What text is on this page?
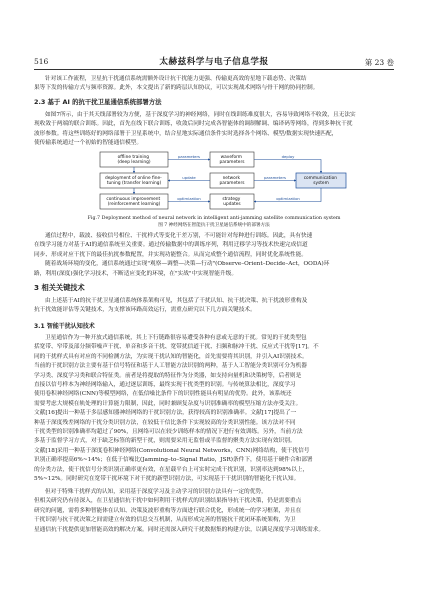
516	太赫兹科学与电子信息学报	第 23 卷
针对该工作流程，卫星抗干扰通信系统需额外设计抗干扰能力更强、传输更高效的星地下载态势、决策结
果等下发的传输方式与频率资源。此外，本文提出了新的跨层认知协议，可以实现战术网络与骨干网的协同控制。
2.3 基于 AI 的抗干扰卫星通信系统部署方法
如图7所示，由于其天线部署较为方便，基于深度学习的神经网络，同时在线训练难度很大，容易导致网络不收敛，且无法实
现收敛于两端的联合训练。因此，首先在线下联合训练，收敛后同时完成各智能体的调制解调、编译码等网络，得到多种抗干扰
波形参数。将这些训练好的网络部署于卫星系统中，结合星地实际通信条件实时选择各个网络、模型/数据实现快速匹配，
使传输系统通过一个初始的智能通信模型。
offline training (deep learning)
deployment of online fine- tuning (transfer learning)
continuous improvement (reinforcement learning)
waveform parameters
network parameters
strategy updates
communication system
parameters
update
optimization
parameters
deploy
optimization
Fig.7 Deployment method of neural network in intelligent anti-jamming satellite communication system
图 7 神经网络在智能抗干扰卫星通信系统中的部署方法
通信过程中，载波、接收信号相位、干扰样式等变化干差万别，不可能针对每种进行训练。因此，具有快速
在线学习能力对基于AI的通信系统至关重要。通过传输数据中的训练序列，利用迁移学习等技术快速完成信道
同步、形成对应干扰下的最佳抗扰参数配置，并实现功能整合。从而完成整个通信流程，同时优化系统性能。
随着战场环境的变化，通信系统通过实现"观察—调整—决策—行动"(Observe–Orient–Decide–Act，OODA)环
路，利用(深度)强化学习技术，不断适应变化的环境，在"实战"中实现智能升级。
3 相关关键技术
由上述基于AI的抗干扰卫星通信系统体系架构可见，其包括了干扰认知、抗干扰决策、抗干扰波形重构及
抗干扰效能评估等关键技术，为支撑该环路高效运行，需重点研究以下几方面关键技术。
3.1 智能干扰认知技术
卫星通信作为一种开放式通信系统，其上下行链路很容易遭受各种有意或无意的干扰。常见的干扰类型包
括宽带、窄带及部分频带噪声干扰、单音和多音干扰、宽带扰信道干扰、扫频和脉冲干扰、反应式干扰等[17]。不
同的干扰样式具有对应的不同检测方法，为实现干扰认知的智能化，首先需要将其识别，并引入AI识别技术。
当前的干扰识别方法主要有基于信号特征和基于人工智能方法识别的两种，基于人工智能分类识别可分为机器
学习类、深度学习类和联合特征类。前者是将提取的特征作为分类器，如支持向量机和决策树等，后者则是
直接以信号样本为神经网络输入，通过逐层训练，最终实现干扰类型的识别。与传统算法相比，深度学习
使用卷积神经网络(CNN)等模型网络，在低信噪比条件下的识别性能具有明显的优势。此外，该系统还
需要考虑大规模在轨处理的计算能力限制，因此，同时兼顾复杂度与识别准确率的模型压缩方法亦受关注。
文献[16]提出一种基于多层感知器神经网络的干扰识别方法，获得较高的识别准确率。文献[17]提出了一
种基于深度残差网络的干扰分类识别方法，在较低干信比条件下实现较高的分类识别性能。该方法对不同
干扰类型的识别准确率均超过了90%，且网络可以在较少训练样本的情况下进行有效训练。另外，当前方法
多基于监督学习方式，对于缺乏标签的新型干扰，则需要采用无监督或半监督的聚类方法实现有效识别。
文献[18]采用一种基于深度卷积神经网络(Convolutional Neural Networks，CNN)网络结构，使干扰信号
识别正确率提高6%~14%；在低于信噪比(Jamming–to–Signal Ratio，JSR)条件下，使用基于硬件合和部署
的分类方法，使干扰信号分类识别正确率更有效，在星载平台上可实时完成干扰识别，识别率达到98%以上，
5%~12%。同时研究在宽带干扰环境下对干扰的新型识别方法，可实现基于干扰识别的智能化干扰认知。
但对于特殊干扰样式的认知，采用基于深度学习及主动学习的识别方法具有一定的优势，
但相关研究仍有待深入，在卫星通信抗干扰中如何利用干扰样式的识别结果指导抗干扰决策，仍是需要重点
研究的问题，需将多种智能体在认知、决策及波形重构等方面进行联合优化，形成统一的学习框架，并且在
干扰识别与抗干扰决策之间需建立有效的信息交互机制，从而形成完善的智能抗干扰闭环系统架构，为卫
星通信抗干扰提供更加智能高效的解决方案。同时还需深入研究干扰数据集的构建方法，以满足深度学习训练需求。
